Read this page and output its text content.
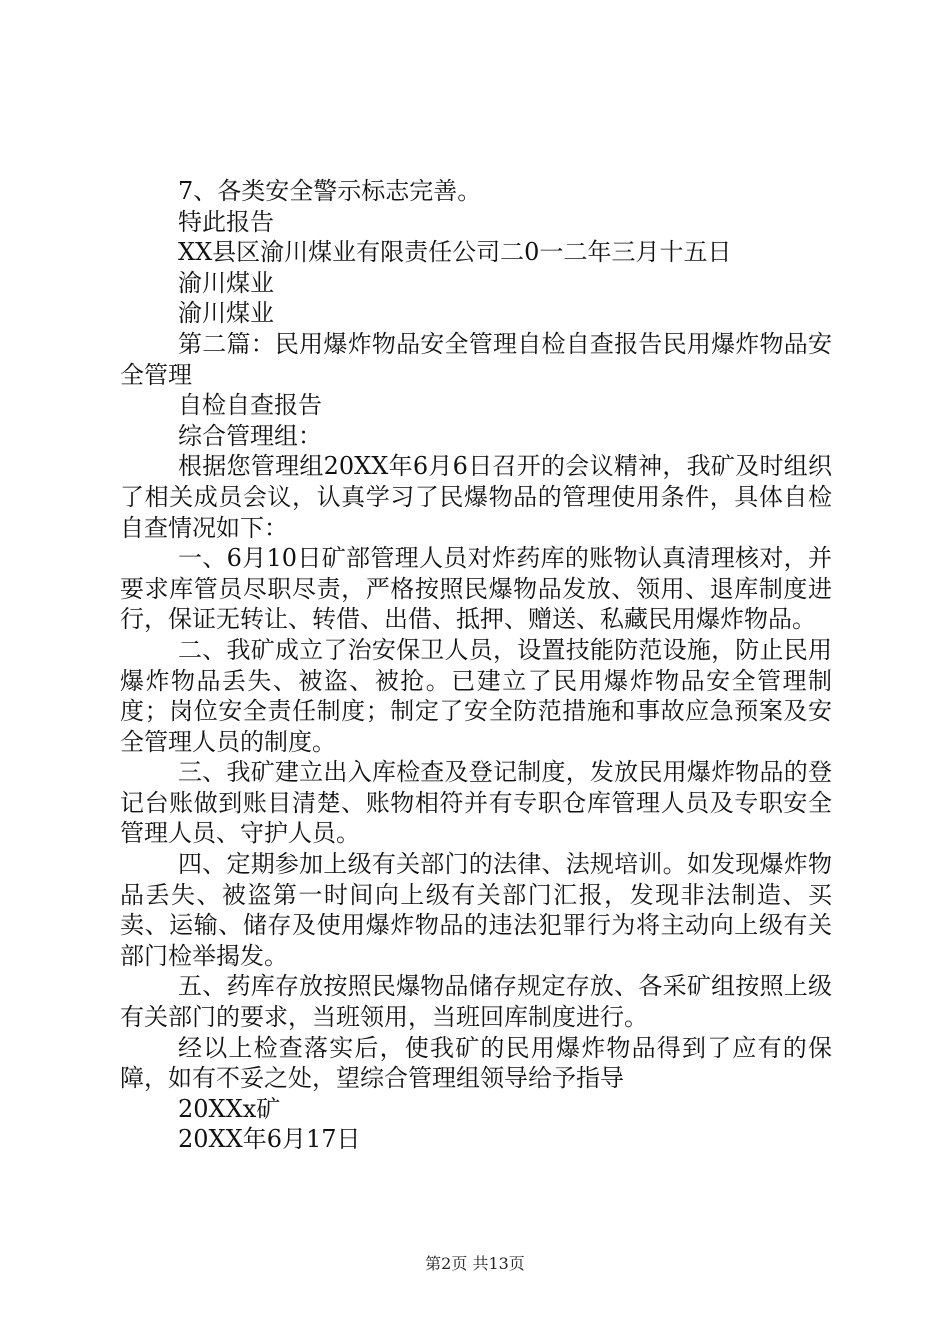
7、各类安全警示标志完善。
特此报告
XX县区渝川煤业有限责任公司二0一二年三月十五日
渝川煤业
渝川煤业

第二篇：民用爆炸物品安全管理自检自查报告民用爆炸物品安全管理

自检自查报告
综合管理组：

根据您管理组20XX年6月6日召开的会议精神，我矿及时组织了相关成员会议，认真学习了民爆物品的管理使用条件，具体自检自查情况如下：

一、6月10日矿部管理人员对炸药库的账物认真清理核对，并要求库管员尽职尽责，严格按照民爆物品发放、领用、退库制度进行，保证无转让、转借、出借、抵押、赠送、私藏民用爆炸物品。

二、我矿成立了治安保卫人员，设置技能防范设施，防止民用爆炸物品丢失、被盗、被抢。已建立了民用爆炸物品安全管理制度；岗位安全责任制度；制定了安全防范措施和事故应急预案及安全管理人员的制度。

三、我矿建立出入库检查及登记制度，发放民用爆炸物品的登记台账做到账目清楚、账物相符并有专职仓库管理人员及专职安全管理人员、守护人员。

四、定期参加上级有关部门的法律、法规培训。如发现爆炸物品丢失、被盗第一时间向上级有关部门汇报，发现非法制造、买卖、运输、储存及使用爆炸物品的违法犯罪行为将主动向上级有关部门检举揭发。

五、药库存放按照民爆物品储存规定存放、各采矿组按照上级有关部门的要求，当班领用，当班回库制度进行。

经以上检查落实后，使我矿的民用爆炸物品得到了应有的保障，如有不妥之处，望综合管理组领导给予指导

20XXx矿
20XX年6月17日
第2页 共13页
